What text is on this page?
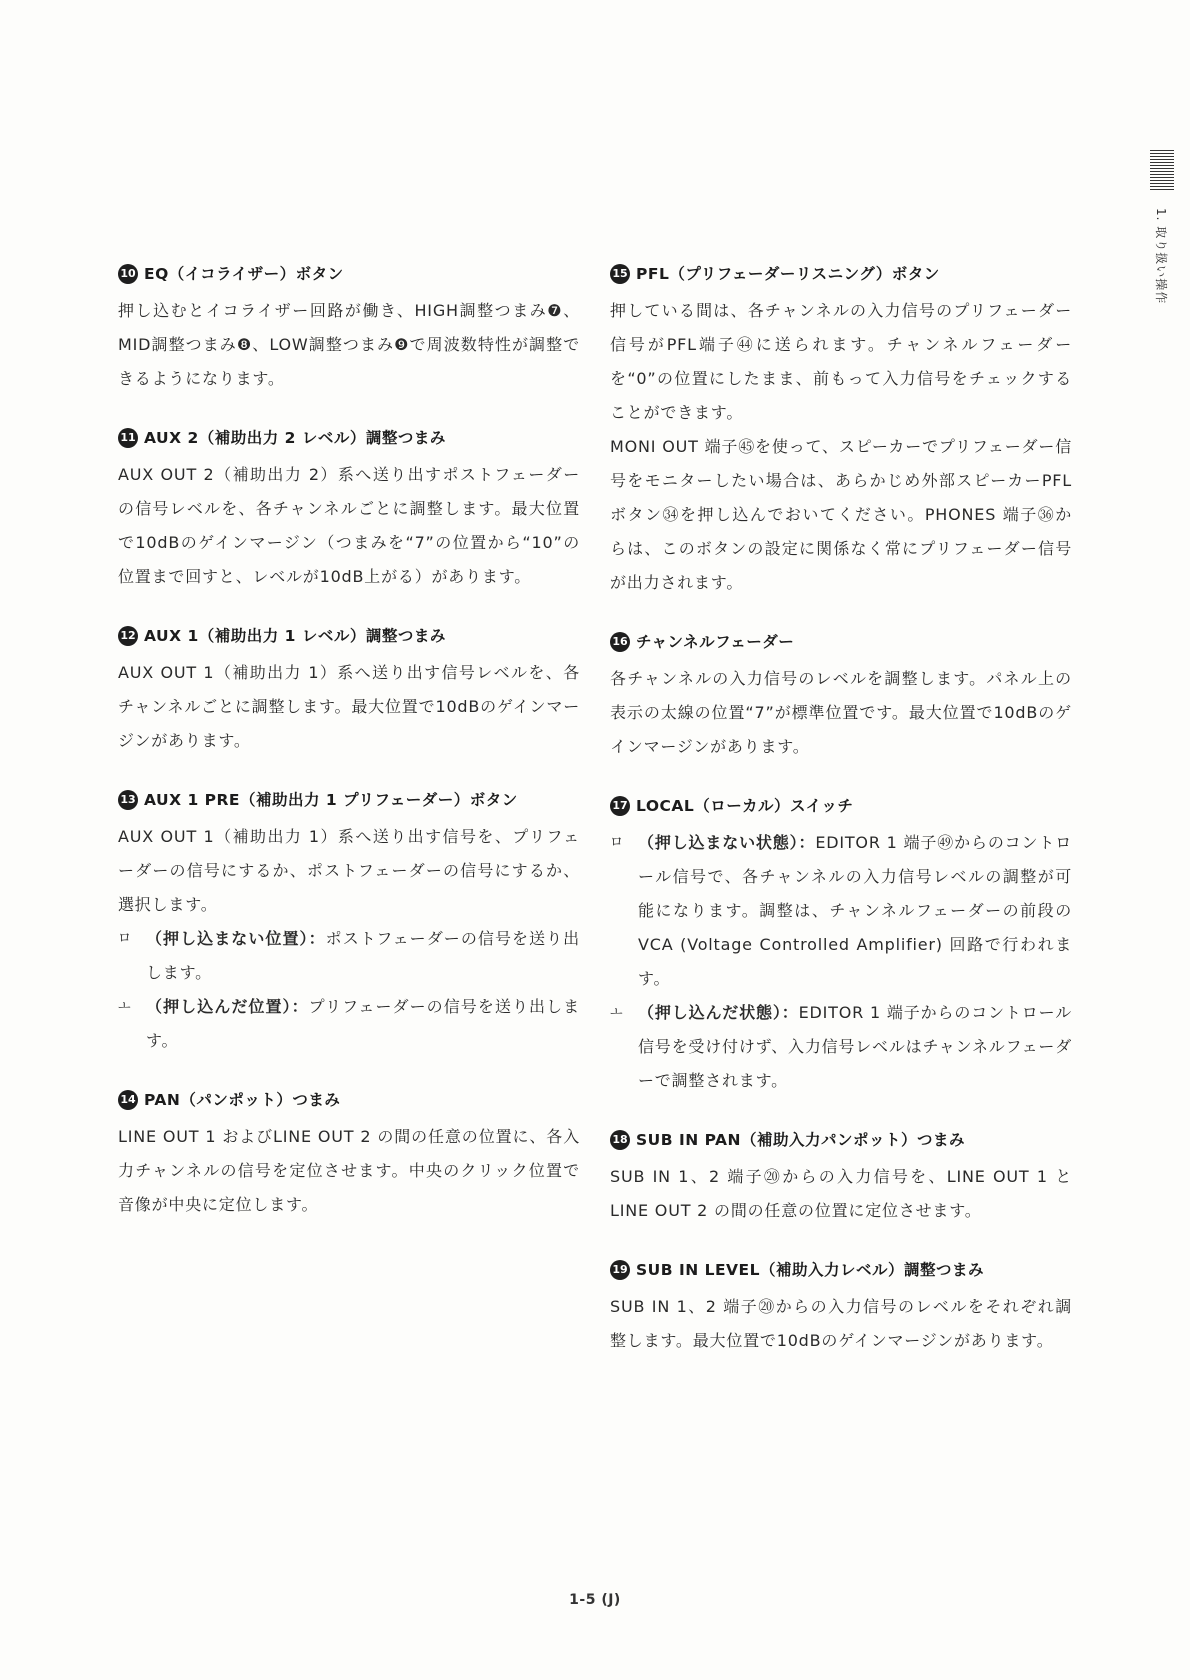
1. 取り扱い操作
10 EQ（イコライザー）ボタン

押し込むとイコライザー回路が働き、HIGH調整つまみ❼、MID調整つまみ❽、LOW調整つまみ❾で周波数特性が調整できるようになります。

11 AUX 2（補助出力 2 レベル）調整つまみ

AUX OUT 2（補助出力 2）系へ送り出すポストフェーダーの信号レベルを、各チャンネルごとに調整します。最大位置で10dBのゲインマージン（つまみを“7”の位置から“10”の位置まで回すと、レベルが10dB上がる）があります。

12 AUX 1（補助出力 1 レベル）調整つまみ

AUX OUT 1（補助出力 1）系へ送り出す信号レベルを、各チャンネルごとに調整します。最大位置で10dBのゲインマージンがあります。

13 AUX 1 PRE（補助出力 1 プリフェーダー）ボタン

AUX OUT 1（補助出力 1）系へ送り出す信号を、プリフェーダーの信号にするか、ポストフェーダーの信号にするか、選択します。

ロ （押し込まない位置）：ポストフェーダーの信号を送り出します。
ㅗ （押し込んだ位置）：プリフェーダーの信号を送り出します。
14 PAN（パンポット）つまみ

LINE OUT 1 およびLINE OUT 2 の間の任意の位置に、各入力チャンネルの信号を定位させます。中央のクリック位置で音像が中央に定位します。

15 PFL（プリフェーダーリスニング）ボタン

押している間は、各チャンネルの入力信号のプリフェーダー信号がPFL端子㊹に送られます。チャンネルフェーダーを“0”の位置にしたまま、前もって入力信号をチェックすることができます。

MONI OUT 端子㊺を使って、スピーカーでプリフェーダー信号をモニターしたい場合は、あらかじめ外部スピーカーPFLボタン㉞を押し込んでおいてください。PHONES 端子㊱からは、このボタンの設定に関係なく常にプリフェーダー信号が出力されます。

16 チャンネルフェーダー

各チャンネルの入力信号のレベルを調整します。パネル上の表示の太線の位置“7”が標準位置です。最大位置で10dBのゲインマージンがあります。

17 LOCAL（ローカル）スイッチ
ロ （押し込まない状態）：EDITOR 1 端子㊾からのコントロール信号で、各チャンネルの入力信号レベルの調整が可能になります。調整は、チャンネルフェーダーの前段のVCA (Voltage Controlled Amplifier) 回路で行われます。
ㅗ （押し込んだ状態）：EDITOR 1 端子からのコントロール信号を受け付けず、入力信号レベルはチャンネルフェーダーで調整されます。
18 SUB IN PAN（補助入力パンポット）つまみ

SUB IN 1、2 端子⑳からの入力信号を、LINE OUT 1 とLINE OUT 2 の間の任意の位置に定位させます。

19 SUB IN LEVEL（補助入力レベル）調整つまみ

SUB IN 1、2 端子⑳からの入力信号のレベルをそれぞれ調整します。最大位置で10dBのゲインマージンがあります。

1-5 (J)
